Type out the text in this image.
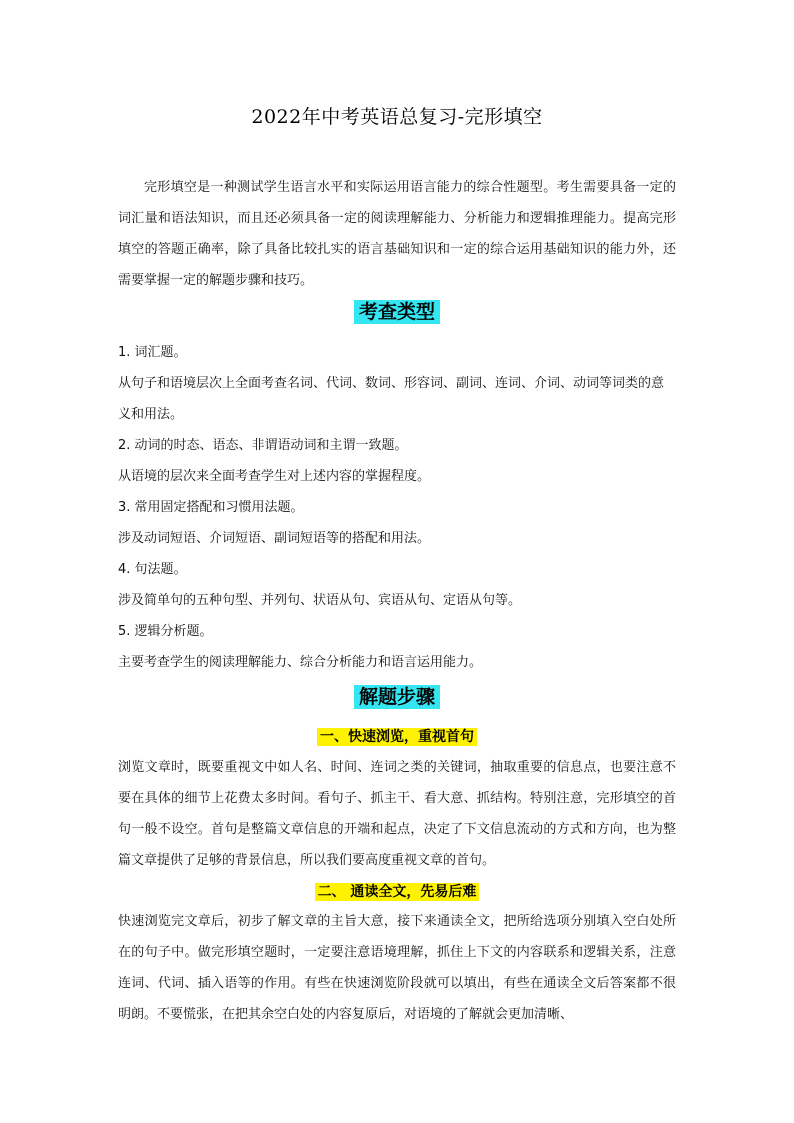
2022年中考英语总复习-完形填空

完形填空是一种测试学生语言水平和实际运用语言能力的综合性题型。考生需要具备一定的词汇量和语法知识，而且还必须具备一定的阅读理解能力、分析能力和逻辑推理能力。提高完形填空的答题正确率，除了具备比较扎实的语言基础知识和一定的综合运用基础知识的能力外，还需要掌握一定的解题步骤和技巧。

考查类型

1. 词汇题。

从句子和语境层次上全面考查名词、代词、数词、形容词、副词、连词、介词、动词等词类的意义和用法。

2. 动词的时态、语态、非谓语动词和主谓一致题。

从语境的层次来全面考查学生对上述内容的掌握程度。

3. 常用固定搭配和习惯用法题。

涉及动词短语、介词短语、副词短语等的搭配和用法。

4. 句法题。

涉及简单句的五种句型、并列句、状语从句、宾语从句、定语从句等。

5. 逻辑分析题。

主要考查学生的阅读理解能力、综合分析能力和语言运用能力。

解题步骤
一、快速浏览，重视首句

浏览文章时，既要重视文中如人名、时间、连词之类的关键词，抽取重要的信息点，也要注意不要在具体的细节上花费太多时间。看句子、抓主干、看大意、抓结构。特别注意，完形填空的首句一般不设空。首句是整篇文章信息的开端和起点，决定了下文信息流动的方式和方向，也为整篇文章提供了足够的背景信息，所以我们要高度重视文章的首句。

二、 通读全文，先易后难

快速浏览完文章后，初步了解文章的主旨大意，接下来通读全文，把所给选项分别填入空白处所在的句子中。做完形填空题时，一定要注意语境理解，抓住上下文的内容联系和逻辑关系，注意连词、代词、插入语等的作用。有些在快速浏览阶段就可以填出，有些在通读全文后答案都不很明朗。不要慌张，在把其余空白处的内容复原后，对语境的了解就会更加清晰、
